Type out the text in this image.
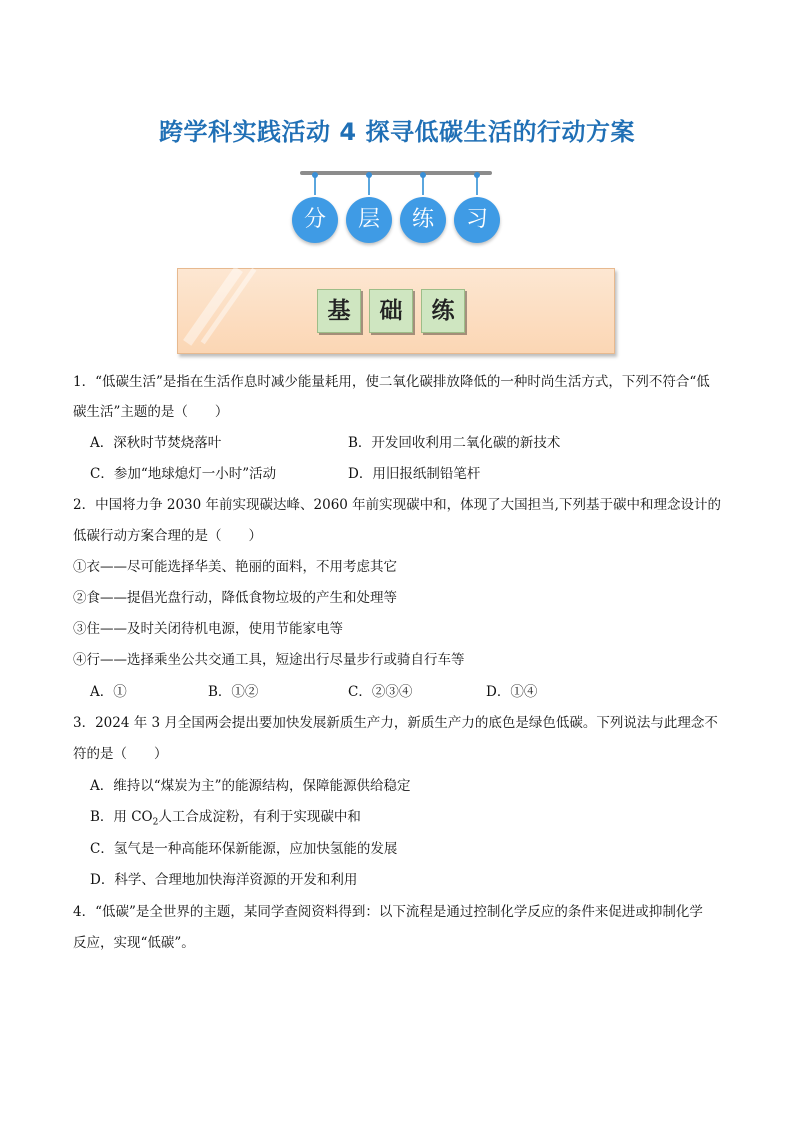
跨学科实践活动 4 探寻低碳生活的行动方案
分	层	练	习
基	础	练
1．“低碳生活”是指在生活作息时减少能量耗用，使二氧化碳排放降低的一种时尚生活方式，下列不符合“低
碳生活”主题的是（　　）
A．深秋时节焚烧落叶	B．开发回收利用二氧化碳的新技术
C．参加“地球熄灯一小时”活动	D．用旧报纸制铅笔杆
2．中国将力争 2030 年前实现碳达峰、2060 年前实现碳中和，体现了大国担当,下列基于碳中和理念设计的
低碳行动方案合理的是（　　）
①衣——尽可能选择华美、艳丽的面料，不用考虑其它
②食——提倡光盘行动，降低食物垃圾的产生和处理等
③住——及时关闭待机电源，使用节能家电等
④行——选择乘坐公共交通工具，短途出行尽量步行或骑自行车等
A．①	B．①②	C．②③④	D．①④
3．2024 年 3 月全国两会提出要加快发展新质生产力，新质生产力的底色是绿色低碳。下列说法与此理念不
符的是（　　）
A．维持以“煤炭为主”的能源结构，保障能源供给稳定
B．用 $CO_2$人工合成淀粉，有利于实现碳中和
C．氢气是一种高能环保新能源，应加快氢能的发展
D．科学、合理地加快海洋资源的开发和利用
4．“低碳”是全世界的主题，某同学查阅资料得到：以下流程是通过控制化学反应的条件来促进或抑制化学
反应，实现“低碳”。
